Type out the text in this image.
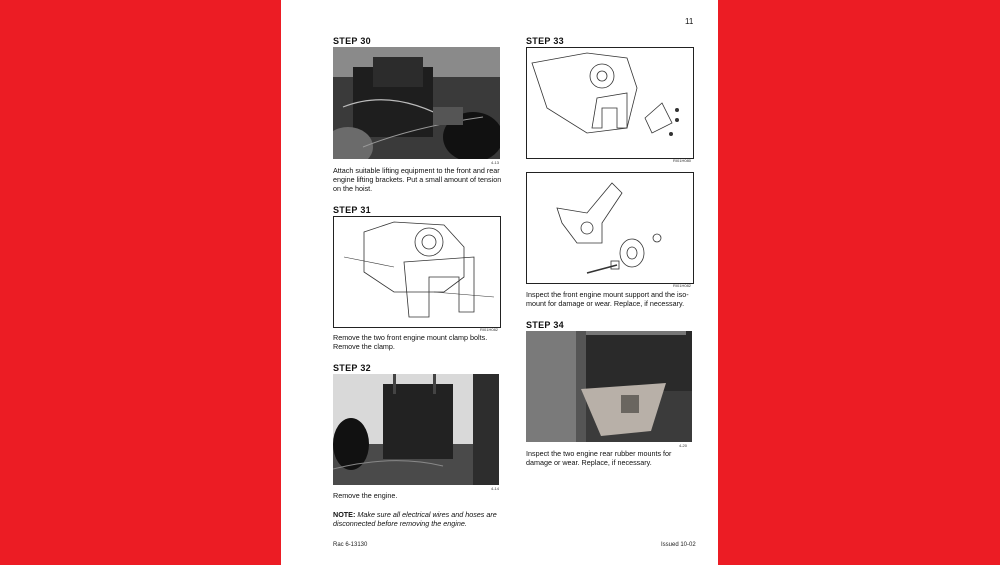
11
STEP 30
4-13
Attach suitable lifting equipment to the front and rear engine lifting brackets. Put a small amount of tension on the hoist.
STEP 31
RI01H082
Remove the two front engine mount clamp bolts. Remove the clamp.
STEP 32
4-14
Remove the engine.
NOTE: Make sure all electrical wires and hoses are disconnected before removing the engine.
STEP 33
RI01H080
RI01H082
Inspect the front engine mount support and the iso-mount for damage or wear. Replace, if necessary.
STEP 34
4-20
Inspect the two engine rear rubber mounts for damage or wear. Replace, if necessary.
Rac 6-13130	Issued 10-02
